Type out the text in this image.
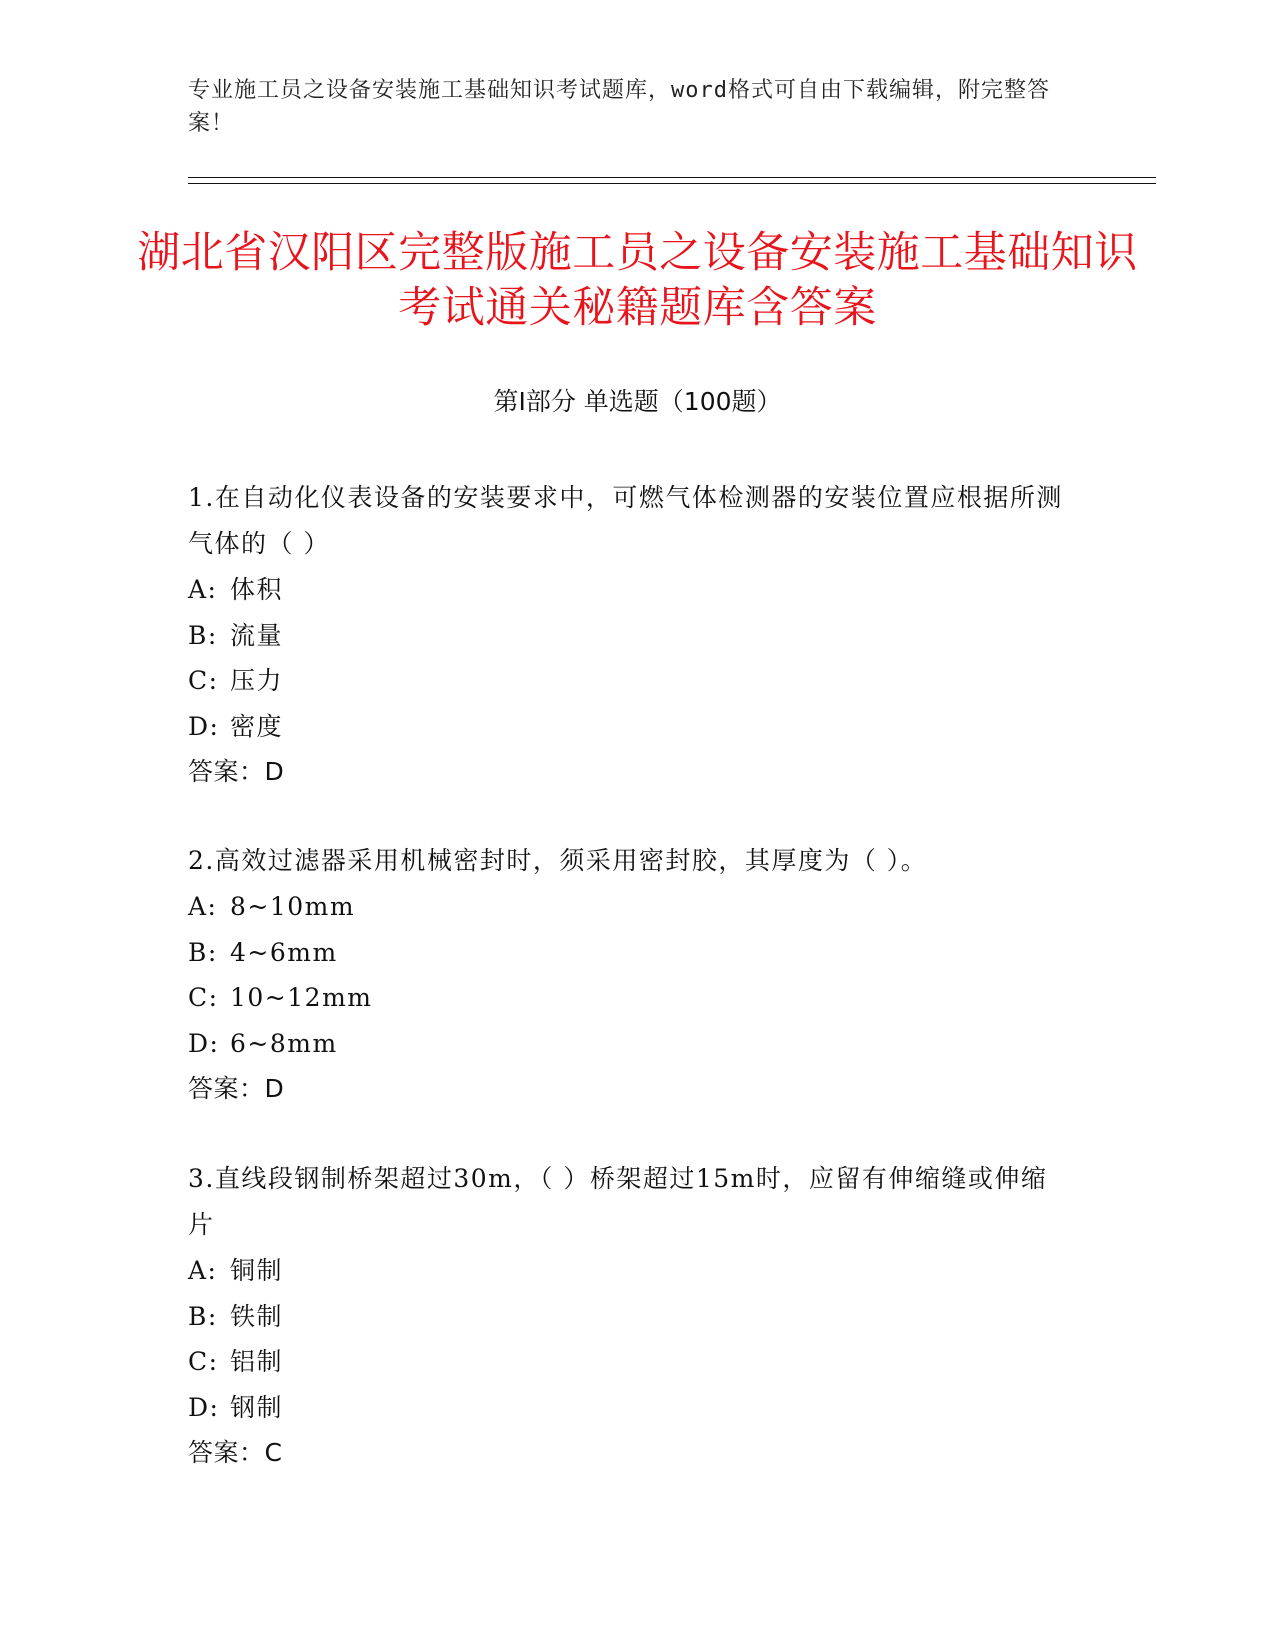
专业施工员之设备安装施工基础知识考试题库，word格式可自由下载编辑，附完整答案！
湖北省汉阳区完整版施工员之设备安装施工基础知识考试通关秘籍题库含答案
第Ⅰ部分 单选题（100题）

1.在自动化仪表设备的安装要求中，可燃气体检测器的安装位置应根据所测气体的（ ）

A: 体积

B: 流量

C: 压力

D: 密度

答案：D

2.高效过滤器采用机械密封时，须采用密封胶，其厚度为（ ）。

A: 8~10mm

B: 4~6mm

C: 10~12mm

D: 6~8mm

答案：D

3.直线段钢制桥架超过30m，（ ）桥架超过15m时，应留有伸缩缝或伸缩片

A: 铜制

B: 铁制

C: 铝制

D: 钢制

答案：C
